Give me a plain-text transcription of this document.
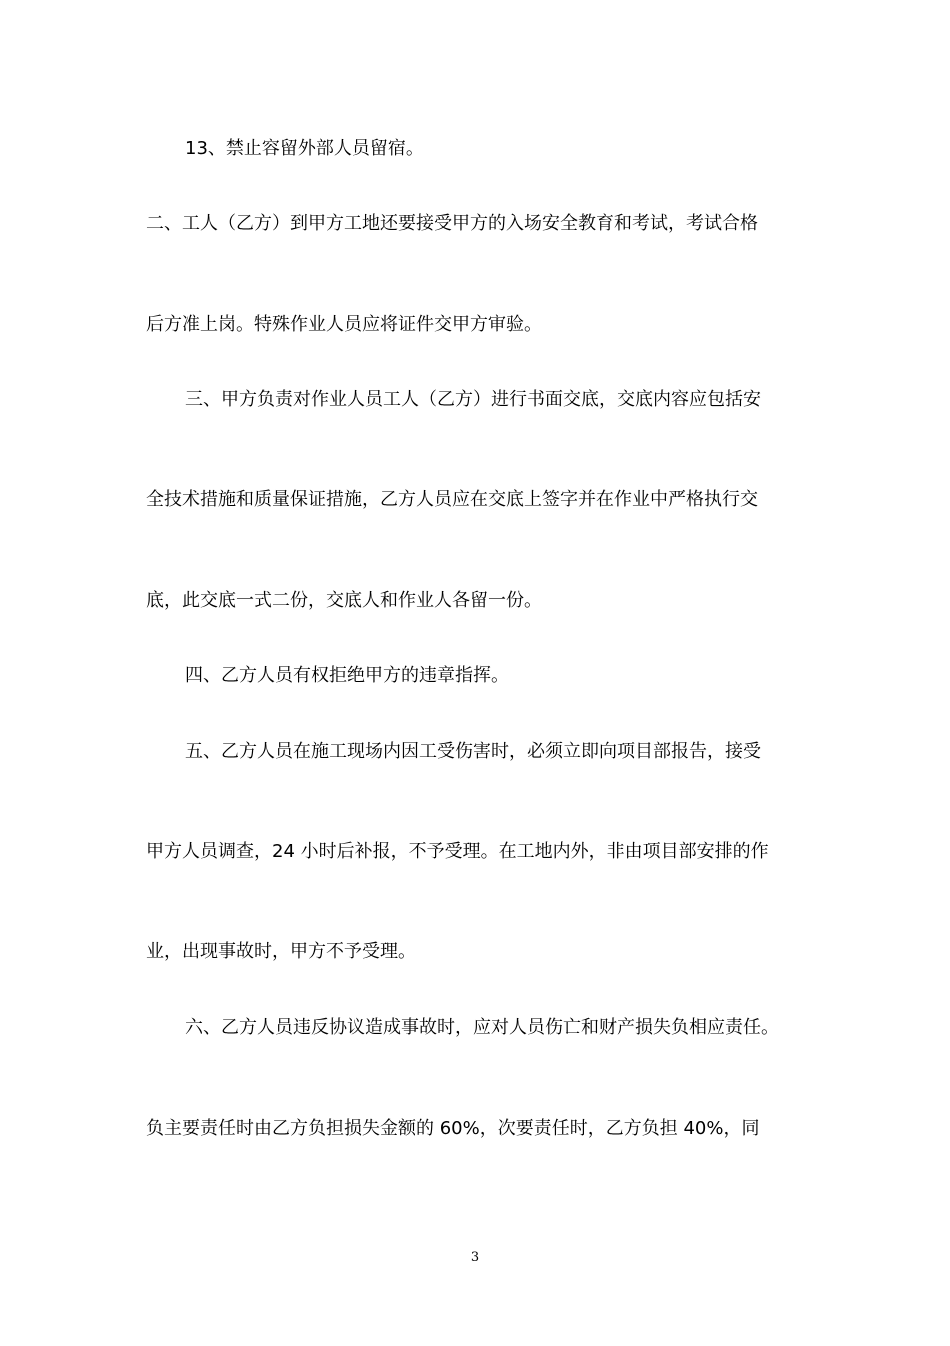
13、禁止容留外部人员留宿。

二、工人（乙方）到甲方工地还要接受甲方的入场安全教育和考试，考试合格

后方准上岗。特殊作业人员应将证件交甲方审验。

三、甲方负责对作业人员工人（乙方）进行书面交底，交底内容应包括安

全技术措施和质量保证措施，乙方人员应在交底上签字并在作业中严格执行交

底，此交底一式二份，交底人和作业人各留一份。

四、乙方人员有权拒绝甲方的违章指挥。

五、乙方人员在施工现场内因工受伤害时，必须立即向项目部报告，接受

甲方人员调查，24 小时后补报，不予受理。在工地内外，非由项目部安排的作

业，出现事故时，甲方不予受理。

六、乙方人员违反协议造成事故时，应对人员伤亡和财产损失负相应责任。

负主要责任时由乙方负担损失金额的 60%，次要责任时，乙方负担 40%，同

3
